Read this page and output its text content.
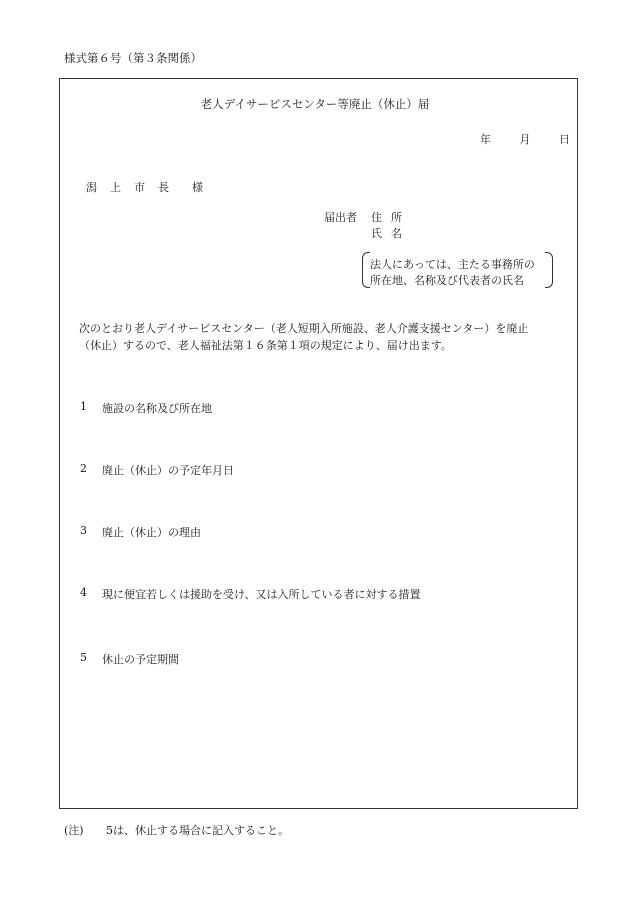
様式第６号（第３条関係）
老人デイサービスセンター等廃止（休止）届
年	月	日
潟 上 市 長 様
届出者 住所
氏名
法人にあっては、主たる事務所の
所在地、名称及び代表者の氏名
次のとおり老人デイサービスセンター（老人短期入所施設、老人介護支援センター）を廃止
（休止）するので、老人福祉法第１６条第１項の規定により、届け出ます。
1	施設の名称及び所在地
2	廃止（休止）の予定年月日
3	廃止（休止）の理由
4	現に便宜若しくは援助を受け、又は入所している者に対する措置
5	休止の予定期間
(注)	5は、休止する場合に記入すること。
